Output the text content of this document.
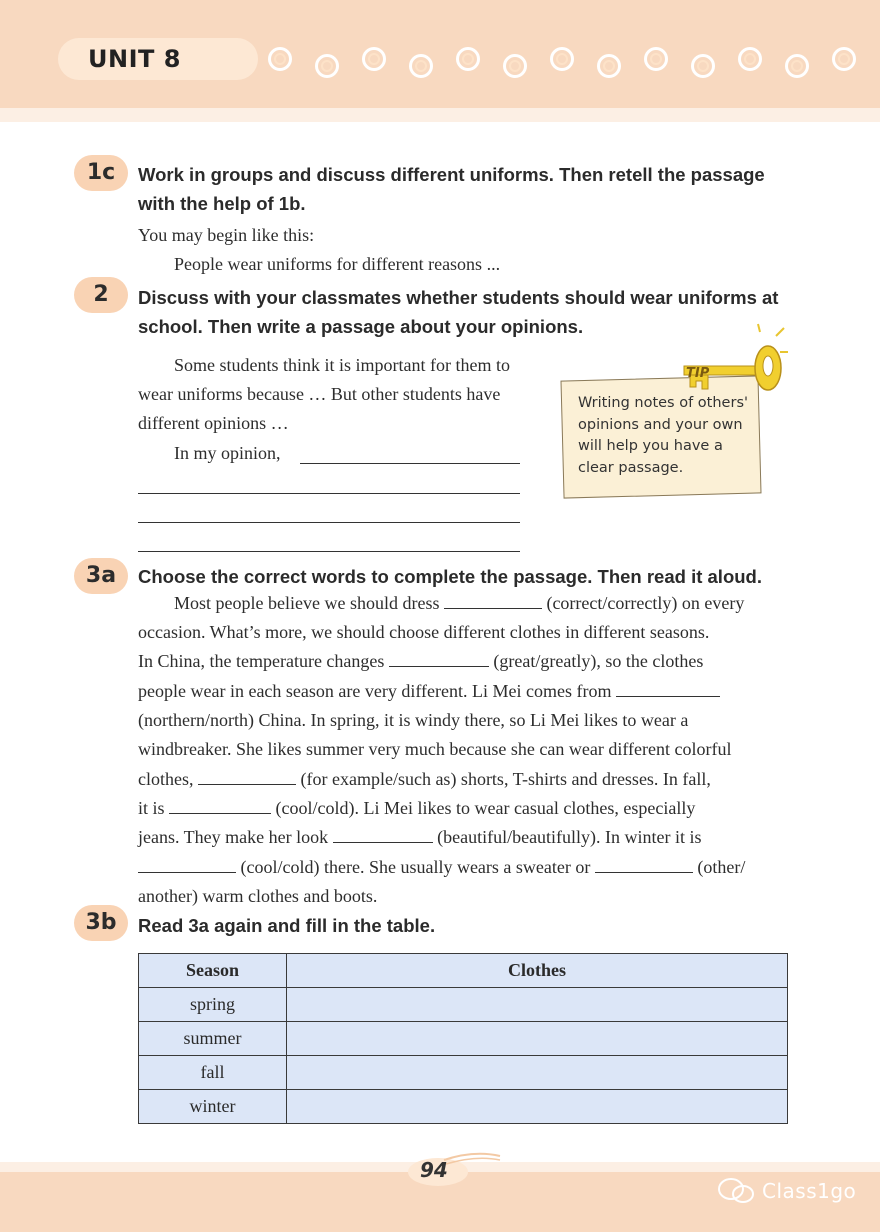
UNIT 8
1c	Work in groups and discuss different uniforms. Then retell the passage
with the help of 1b.
You may begin like this:
People wear uniforms for different reasons ...
2	Discuss with your classmates whether students should wear uniforms at
school. Then write a passage about your opinions.
Some students think it is important for them to
wear uniforms because … But other students have
different opinions …
In my opinion,
TIP
Writing notes of others' opinions and your own will help you have a clear passage.
3a	Choose the correct words to complete the passage. Then read it aloud.
Most people believe we should dress	(correct/correctly) on every
occasion. What’s more, we should choose different clothes in different seasons.
In China, the temperature changes	(great/greatly), so the clothes
people wear in each season are very different. Li Mei comes from
(northern/north) China. In spring, it is windy there, so Li Mei likes to wear a
windbreaker. She likes summer very much because she can wear different colorful
clothes,	(for example/such as) shorts, T-shirts and dresses. In fall,
it is	(cool/cold). Li Mei likes to wear casual clothes, especially
jeans. They make her look	(beautiful/beautifully). In winter it is
(cool/cold) there. She usually wears a sweater or	(other/
another) warm clothes and boots.
3b	Read 3a again and fill in the table.
Season	Clothes
spring	
summer	
fall	
winter	
94
Class1go
